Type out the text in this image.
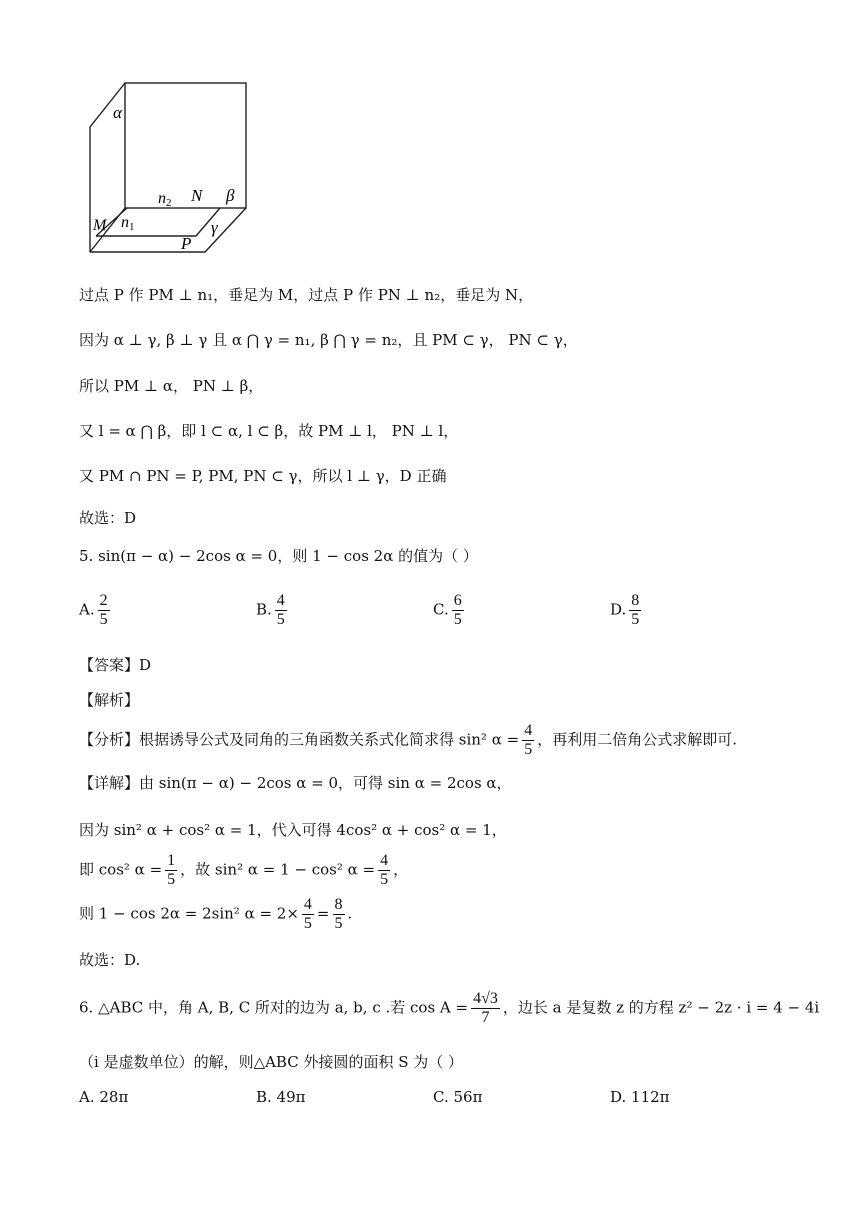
α
n2 N β
M n1	γ
P
过点 P 作 PM ⊥ n₁，垂足为 M，过点 P 作 PN ⊥ n₂，垂足为 N，
因为 α ⊥ γ, β ⊥ γ 且 α ⋂ γ = n₁, β ⋂ γ = n₂，且 PM ⊂ γ， PN ⊂ γ，
所以 PM ⊥ α， PN ⊥ β，
又 l = α ⋂ β，即 l ⊂ α, l ⊂ β，故 PM ⊥ l， PN ⊥ l，
又 PM ∩ PN = P, PM, PN ⊂ γ，所以 l ⊥ γ，D 正确
故选：D
5. sin(π − α) − 2cos α = 0，则 1 − cos 2α 的值为（ ）
A. $\frac{2}{5}$	B. $\frac{4}{5}$	C. $\frac{6}{5}$	D. $\frac{8}{5}$
【答案】D
【解析】
【分析】根据诱导公式及同角的三角函数关系式化简求得 sin² $\alpha = \frac{4}{5}$ ，再利用二倍角公式求解即可.
【详解】由 sin(π − α) − 2cos α = 0，可得 sin α = 2cos α，
因为 sin² α + cos² α = 1，代入可得 4cos² α + cos² α = 1，
即 cos² $\alpha = \frac{1}{5}$ ，故 sin² α = 1 − cos² $\alpha = \frac{4}{5}$ ，
则 1 − cos 2α = 2sin² $\alpha = 2\times \frac{4}{5} = \frac{8}{5}$ .
故选：D.
6. △ABC 中，角 A, B, C 所对的边为 a, b, c .若 $\cos A = \frac{4√3}{7}$ ，边长 a 是复数 z 的方程 z² − 2z · i = 4 − 4i
（i 是虚数单位）的解，则△ABC 外接圆的面积 S 为（ ）
A. 28π	B. 49π	C. 56π	D. 112π
